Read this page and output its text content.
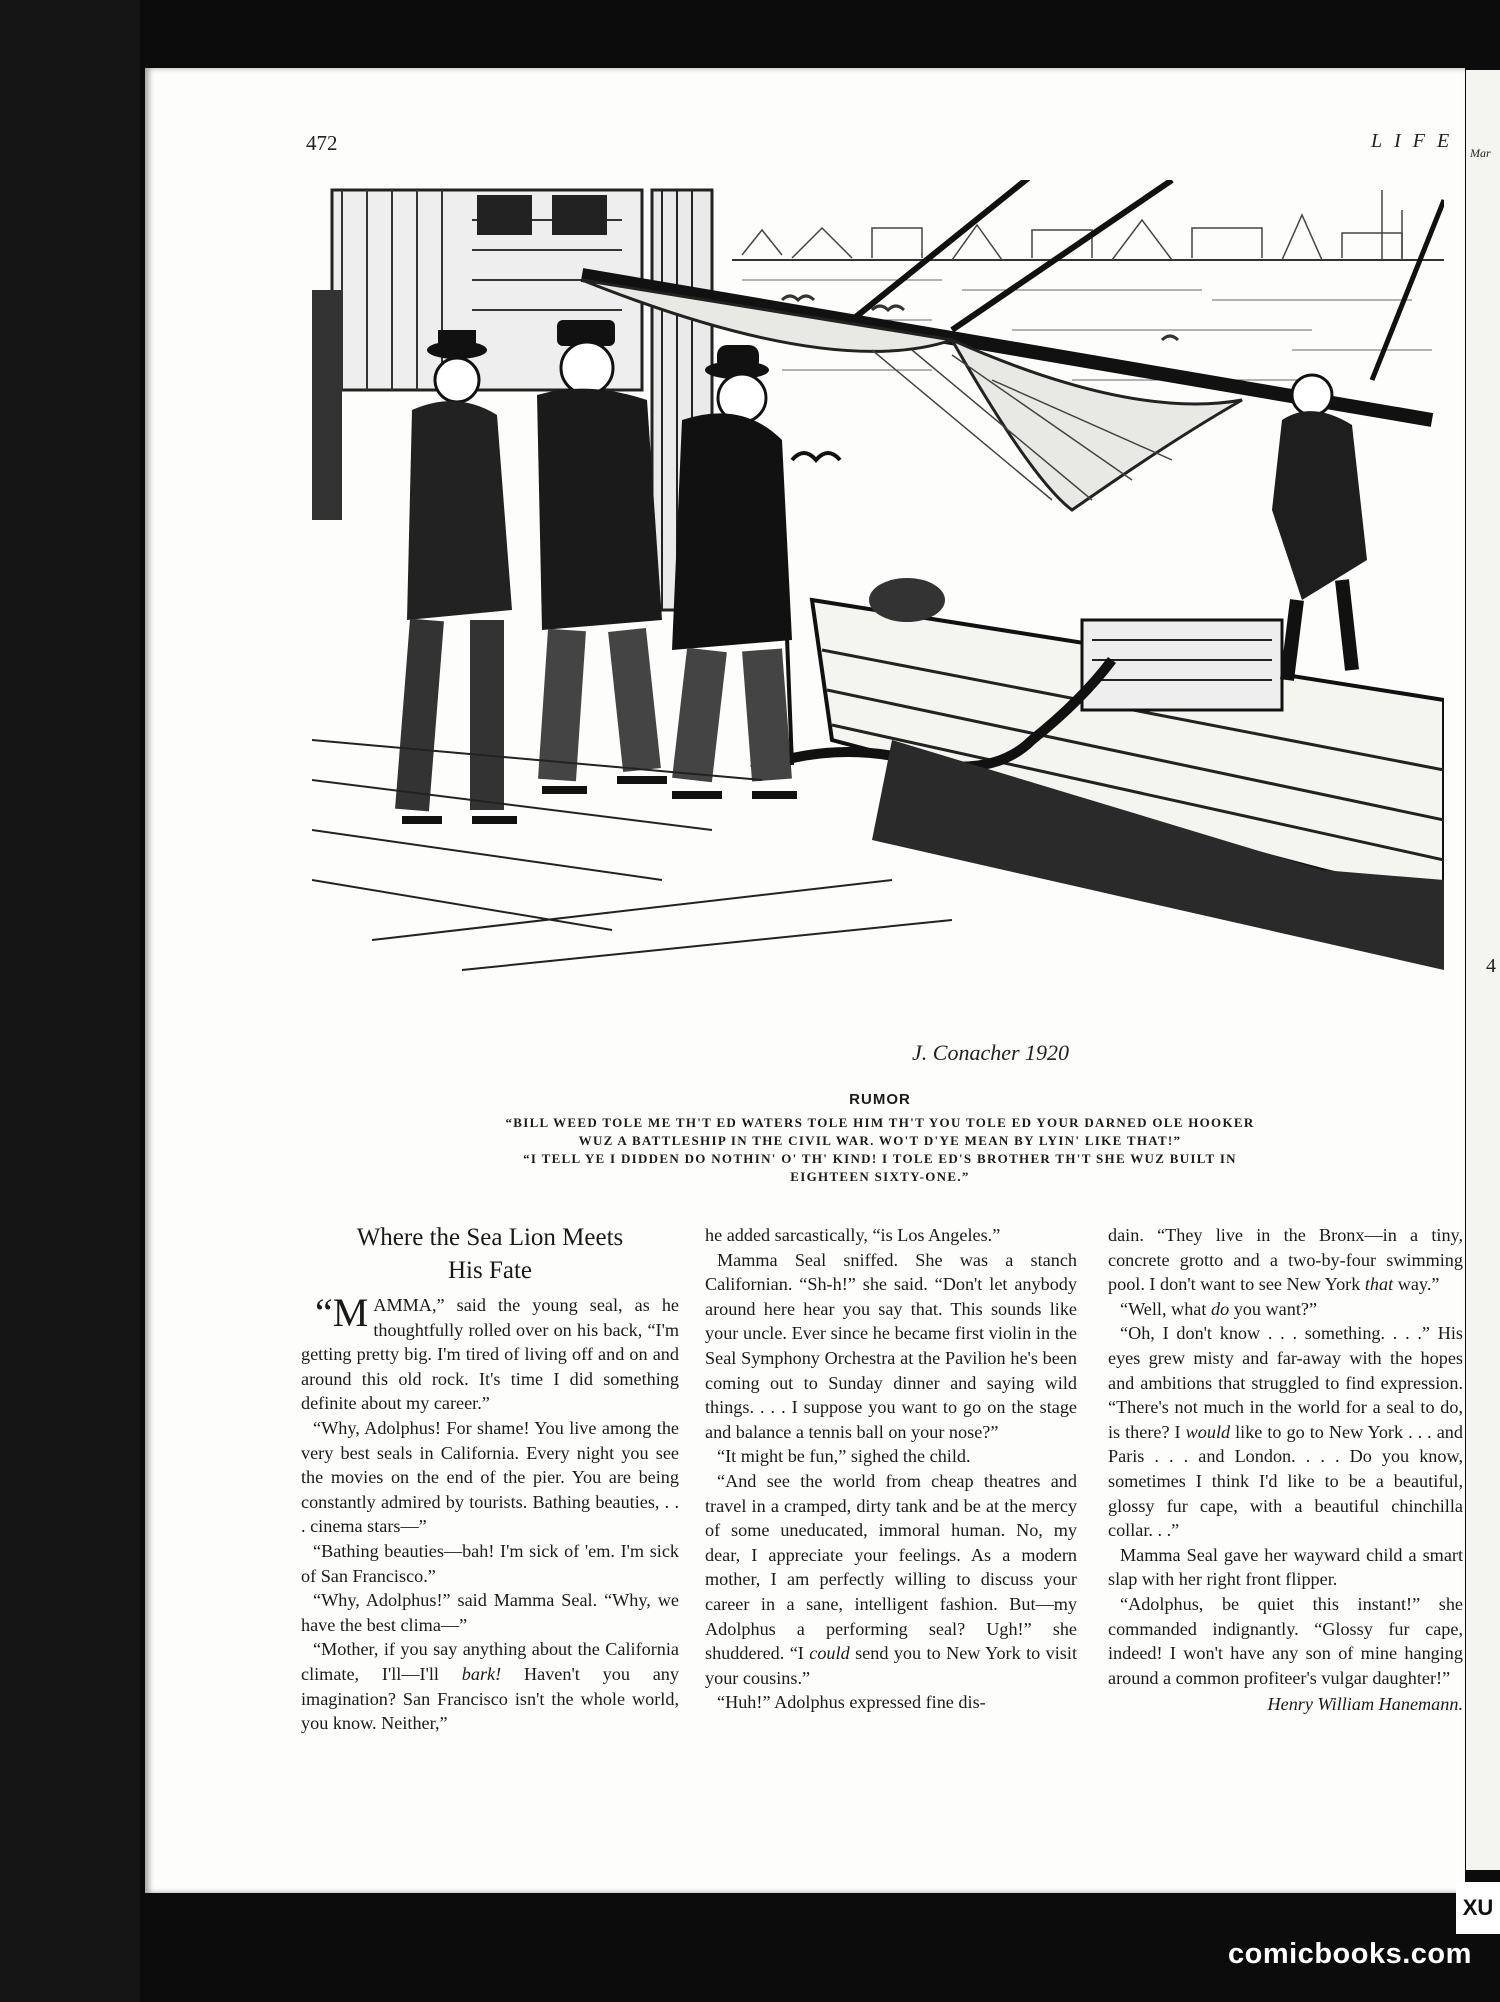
Mar
4
472	LIFE
J. Conacher 1920
RUMOR
“BILL WEED TOLE ME TH'T ED WATERS TOLE HIM TH'T YOU TOLE ED YOUR DARNED OLE HOOKER
WUZ A BATTLESHIP IN THE CIVIL WAR. WO'T D'YE MEAN BY LYIN' LIKE THAT!”
“I TELL YE I DIDDEN DO NOTHIN' O' TH' KIND! I TOLE ED'S BROTHER TH'T SHE WUZ BUILT IN
EIGHTEEN SIXTY-ONE.”
Where the Sea Lion Meets
His Fate

“MAMMA,” said the young seal, as he thoughtfully rolled over on his back, “I'm getting pretty big. I'm tired of living off and on and around this old rock. It's time I did something definite about my career.”

“Why, Adolphus! For shame! You live among the very best seals in California. Every night you see the movies on the end of the pier. You are being constantly admired by tourists. Bathing beauties, . . . cinema stars—”

“Bathing beauties—bah! I'm sick of 'em. I'm sick of San Francisco.”

“Why, Adolphus!” said Mamma Seal. “Why, we have the best clima—”

“Mother, if you say anything about the California climate, I'll—I'll bark! Haven't you any imagination? San Francisco isn't the whole world, you know. Neither,”

he added sarcastically, “is Los Angeles.”

Mamma Seal sniffed. She was a stanch Californian. “Sh-h!” she said. “Don't let anybody around here hear you say that. This sounds like your uncle. Ever since he became first violin in the Seal Symphony Orchestra at the Pavilion he's been coming out to Sunday dinner and saying wild things. . . . I suppose you want to go on the stage and balance a tennis ball on your nose?”

“It might be fun,” sighed the child.

“And see the world from cheap theatres and travel in a cramped, dirty tank and be at the mercy of some uneducated, immoral human. No, my dear, I appreciate your feelings. As a modern mother, I am perfectly willing to discuss your career in a sane, intelligent fashion. But—my Adolphus a performing seal? Ugh!” she shuddered. “I could send you to New York to visit your cousins.”

“Huh!” Adolphus expressed fine dis-

dain. “They live in the Bronx—in a tiny, concrete grotto and a two-by-four swimming pool. I don't want to see New York that way.”

“Well, what do you want?”

“Oh, I don't know . . . something. . . .” His eyes grew misty and far-away with the hopes and ambitions that struggled to find expression. “There's not much in the world for a seal to do, is there? I would like to go to New York . . . and Paris . . . and London. . . . Do you know, sometimes I think I'd like to be a beautiful, glossy fur cape, with a beautiful chinchilla collar. . .”

Mamma Seal gave her wayward child a smart slap with her right front flipper.

“Adolphus, be quiet this instant!” she commanded indignantly. “Glossy fur cape, indeed! I won't have any son of mine hanging around a common profiteer's vulgar daughter!”

Henry William Hanemann.
XU
comicbooks.com
